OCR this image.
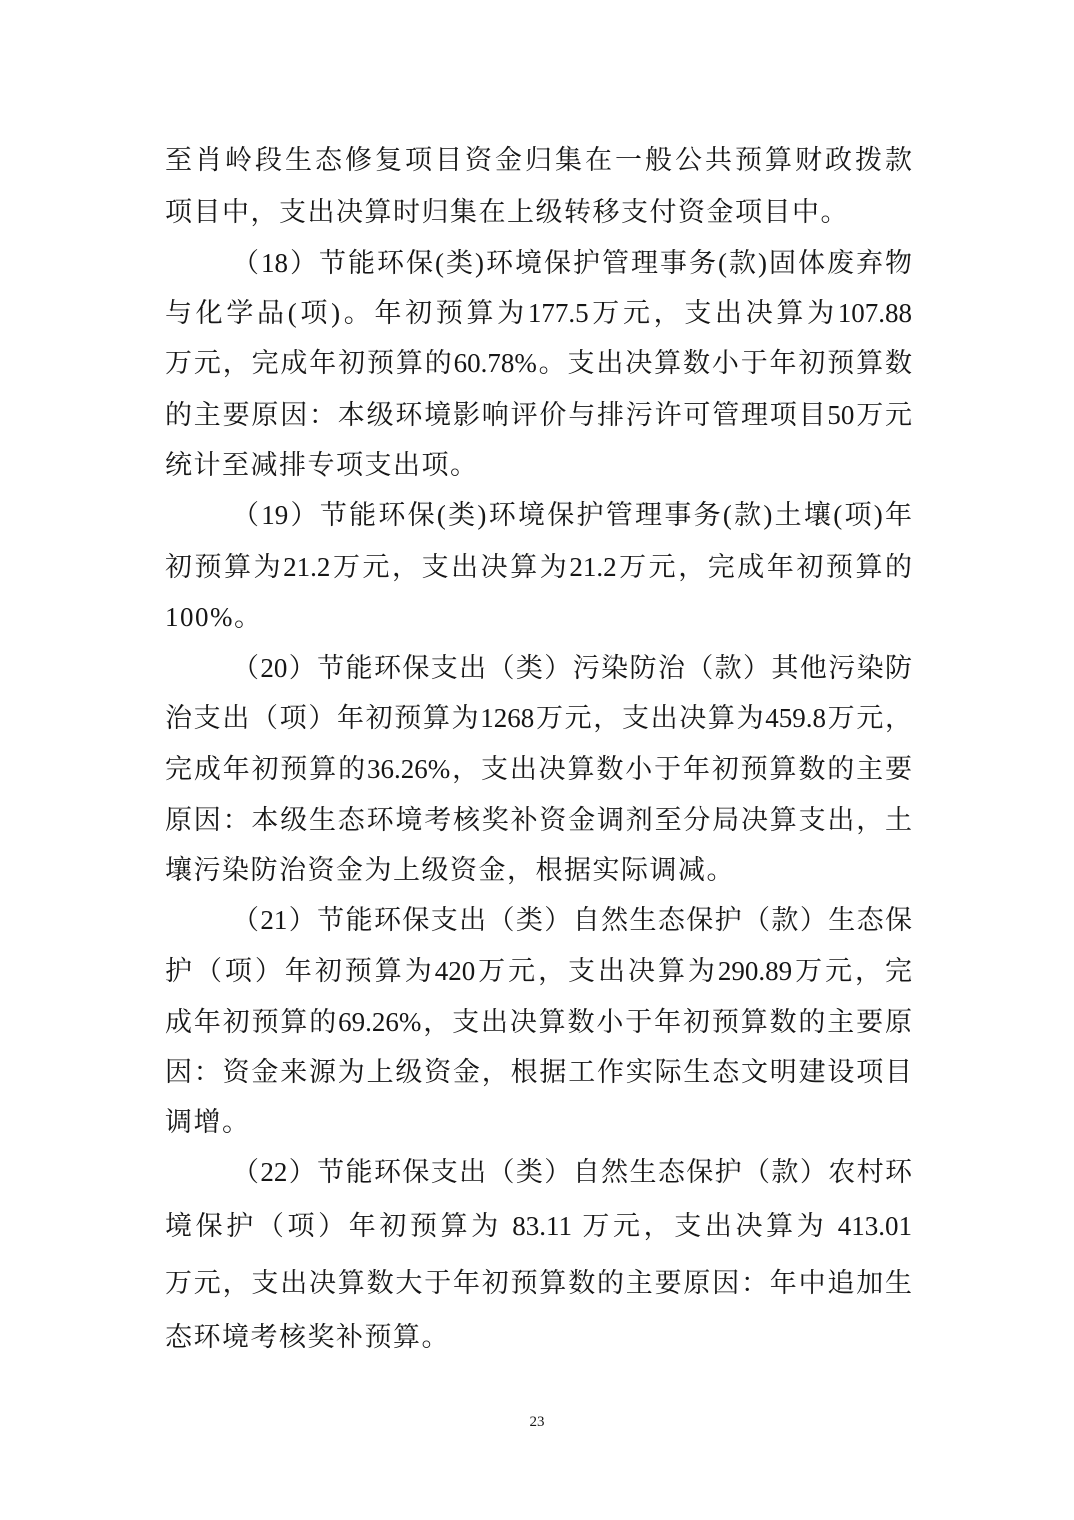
至肖岭段生态修复项目资金归集在一般公共预算财政拨款
项目中，支出决算时归集在上级转移支付资金项目中。
（18）节能环保(类)环境保护管理事务(款)固体废弃物
与化学品(项)。年初预算为177.5万元，支出决算为107.88
万元，完成年初预算的60.78%。支出决算数小于年初预算数
的主要原因：本级环境影响评价与排污许可管理项目50万元
统计至减排专项支出项。
（19）节能环保(类)环境保护管理事务(款)土壤(项)年
初预算为21.2万元，支出决算为21.2万元，完成年初预算的
100%。
（20）节能环保支出（类）污染防治（款）其他污染防
治支出（项）年初预算为1268万元，支出决算为459.8万元，
完成年初预算的36.26%，支出决算数小于年初预算数的主要
原因：本级生态环境考核奖补资金调剂至分局决算支出，土
壤污染防治资金为上级资金，根据实际调减。
（21）节能环保支出（类）自然生态保护（款）生态保
护（项）年初预算为420万元，支出决算为290.89万元，完
成年初预算的69.26%，支出决算数小于年初预算数的主要原
因：资金来源为上级资金，根据工作实际生态文明建设项目
调增。
（22）节能环保支出（类）自然生态保护（款）农村环
境保护（项）年初预算为 83.11 万元，支出决算为 413.01
万元，支出决算数大于年初预算数的主要原因：年中追加生
态环境考核奖补预算。
23
